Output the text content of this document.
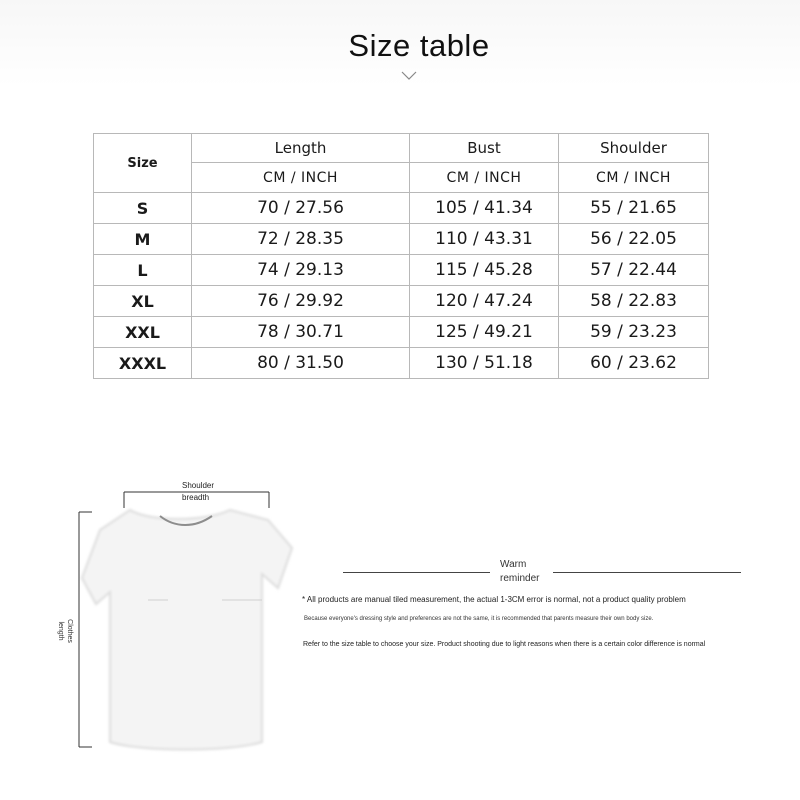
Size table
Size	Length	Bust	Shoulder
	CM / INCH	CM / INCH	CM / INCH
S	70 / 27.56	105 / 41.34	55 / 21.65
M	72 / 28.35	110 / 43.31	56 / 22.05
L	74 / 29.13	115 / 45.28	57 / 22.44
XL	76 / 29.92	120 / 47.24	58 / 22.83
XXL	78 / 30.71	125 / 49.21	59 / 23.23
XXXL	80 / 31.50	130 / 51.18	60 / 23.62
Shoulder
breadth
Clothes
length
Warm
reminder
* All products are manual tiled measurement, the actual 1-3CM error is normal, not a product quality problem
Because everyone's dressing style and preferences are not the same, it is recommended that parents measure their own body size.
Refer to the size table to choose your size. Product shooting due to light reasons when there is a certain color difference is normal
